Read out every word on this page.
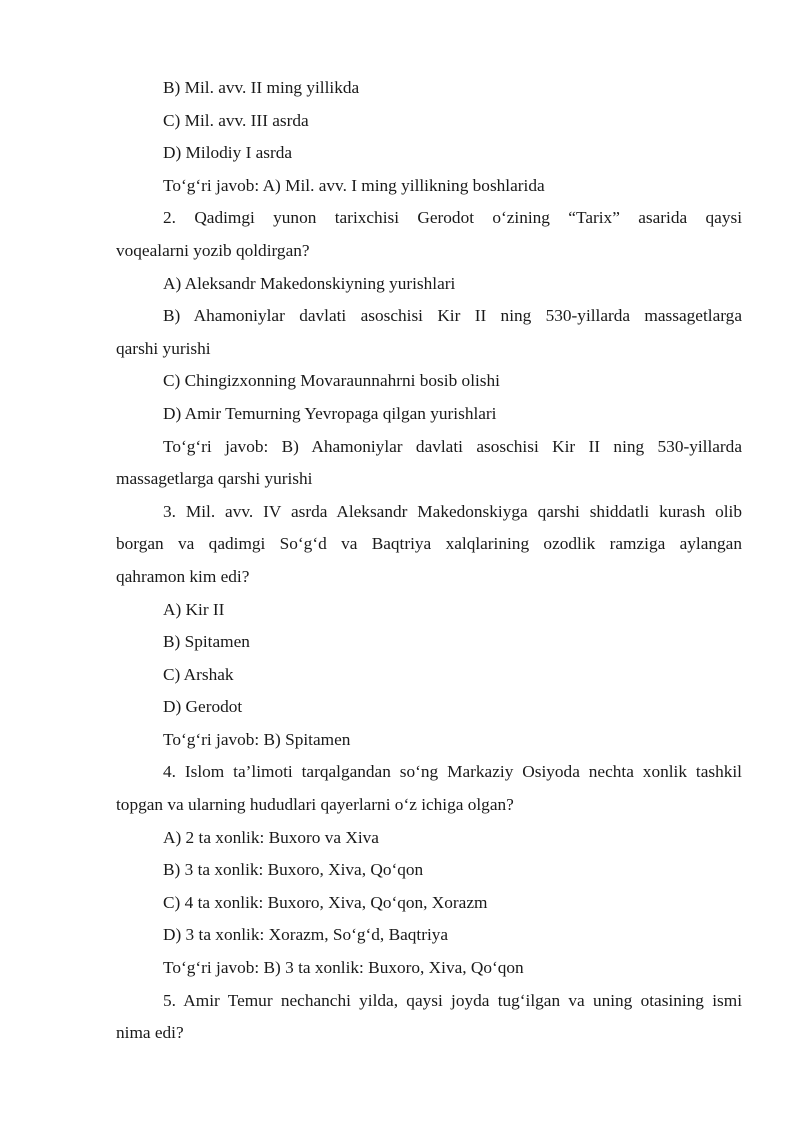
B) Mil. avv. II ming yillikda

C) Mil. avv. III asrda

D) Milodiy I asrda

To‘g‘ri javob: A) Mil. avv. I ming yillikning boshlarida

2. Qadimgi yunon tarixchisi Gerodot o‘zining “Tarix” asarida qaysi

voqealarni yozib qoldirgan?

A) Aleksandr Makedonskiyning yurishlari

B) Ahamoniylar davlati asoschisi Kir II ning 530-yillarda massagetlarga

qarshi yurishi

C) Chingizxonning Movaraunnahrni bosib olishi

D) Amir Temurning Yevropaga qilgan yurishlari

To‘g‘ri javob: B) Ahamoniylar davlati asoschisi Kir II ning 530-yillarda

massagetlarga qarshi yurishi

3. Mil. avv. IV asrda Aleksandr Makedonskiyga qarshi shiddatli kurash olib

borgan va qadimgi So‘g‘d va Baqtriya xalqlarining ozodlik ramziga aylangan

qahramon kim edi?

A) Kir II

B) Spitamen

C) Arshak

D) Gerodot

To‘g‘ri javob: B) Spitamen

4. Islom ta’limoti tarqalgandan so‘ng Markaziy Osiyoda nechta xonlik tashkil

topgan va ularning hududlari qayerlarni o‘z ichiga olgan?

A) 2 ta xonlik: Buxoro va Xiva

B) 3 ta xonlik: Buxoro, Xiva, Qo‘qon

C) 4 ta xonlik: Buxoro, Xiva, Qo‘qon, Xorazm

D) 3 ta xonlik: Xorazm, So‘g‘d, Baqtriya

To‘g‘ri javob: B) 3 ta xonlik: Buxoro, Xiva, Qo‘qon

5. Amir Temur nechanchi yilda, qaysi joyda tug‘ilgan va uning otasining ismi

nima edi?
